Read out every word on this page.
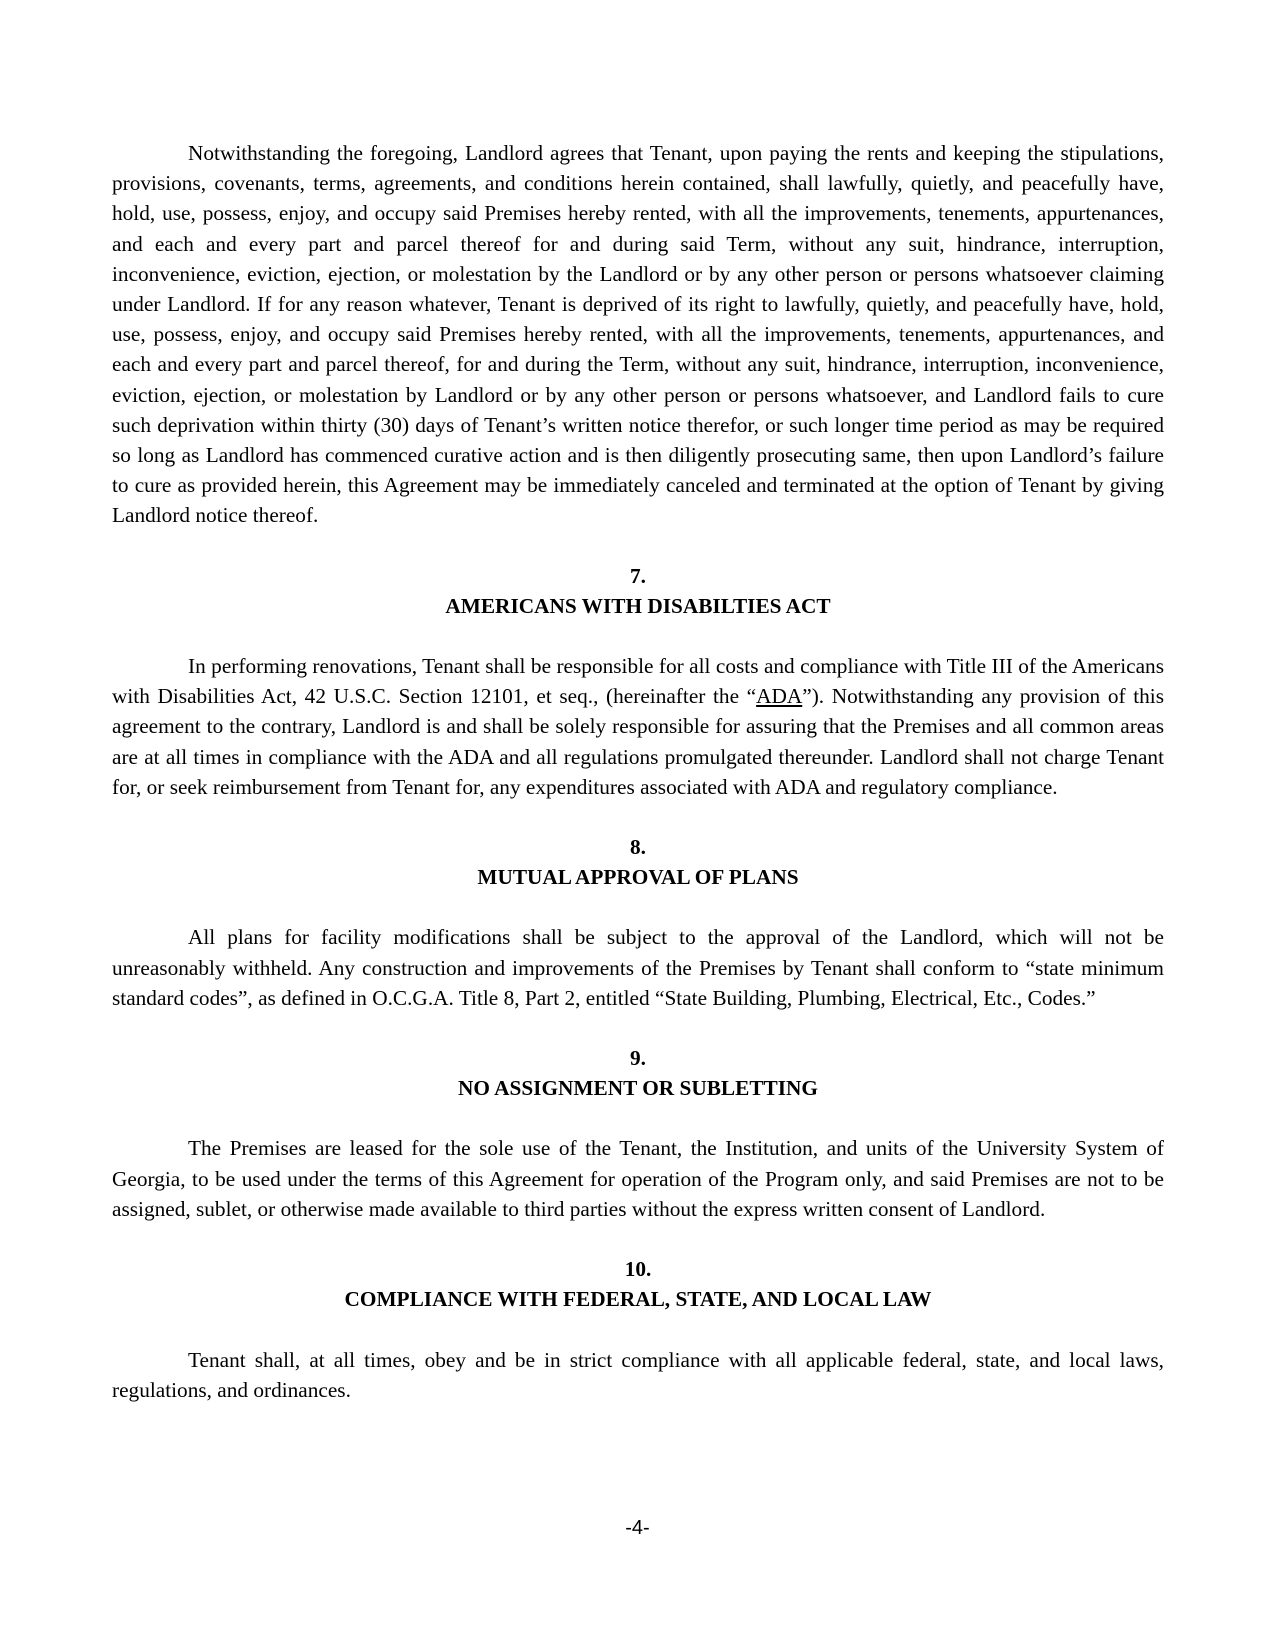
Notwithstanding the foregoing, Landlord agrees that Tenant, upon paying the rents and keeping the stipulations, provisions, covenants, terms, agreements, and conditions herein contained, shall lawfully, quietly, and peacefully have, hold, use, possess, enjoy, and occupy said Premises hereby rented, with all the improvements, tenements, appurtenances, and each and every part and parcel thereof for and during said Term, without any suit, hindrance, interruption, inconvenience, eviction, ejection, or molestation by the Landlord or by any other person or persons whatsoever claiming under Landlord. If for any reason whatever, Tenant is deprived of its right to lawfully, quietly, and peacefully have, hold, use, possess, enjoy, and occupy said Premises hereby rented, with all the improvements, tenements, appurtenances, and each and every part and parcel thereof, for and during the Term, without any suit, hindrance, interruption, inconvenience, eviction, ejection, or molestation by Landlord or by any other person or persons whatsoever, and Landlord fails to cure such deprivation within thirty (30) days of Tenant’s written notice therefor, or such longer time period as may be required so long as Landlord has commenced curative action and is then diligently prosecuting same, then upon Landlord’s failure to cure as provided herein, this Agreement may be immediately canceled and terminated at the option of Tenant by giving Landlord notice thereof.

7.

AMERICANS WITH DISABILTIES ACT

In performing renovations, Tenant shall be responsible for all costs and compliance with Title III of the Americans with Disabilities Act, 42 U.S.C. Section 12101, et seq., (hereinafter the “ADA”). Notwithstanding any provision of this agreement to the contrary, Landlord is and shall be solely responsible for assuring that the Premises and all common areas are at all times in compliance with the ADA and all regulations promulgated thereunder. Landlord shall not charge Tenant for, or seek reimbursement from Tenant for, any expenditures associated with ADA and regulatory compliance.

8.

MUTUAL APPROVAL OF PLANS

All plans for facility modifications shall be subject to the approval of the Landlord, which will not be unreasonably withheld. Any construction and improvements of the Premises by Tenant shall conform to “state minimum standard codes”, as defined in O.C.G.A. Title 8, Part 2, entitled “State Building, Plumbing, Electrical, Etc., Codes.”

9.

NO ASSIGNMENT OR SUBLETTING

The Premises are leased for the sole use of the Tenant, the Institution, and units of the University System of Georgia, to be used under the terms of this Agreement for operation of the Program only, and said Premises are not to be assigned, sublet, or otherwise made available to third parties without the express written consent of Landlord.

10.

COMPLIANCE WITH FEDERAL, STATE, AND LOCAL LAW

Tenant shall, at all times, obey and be in strict compliance with all applicable federal, state, and local laws, regulations, and ordinances.

-4-
